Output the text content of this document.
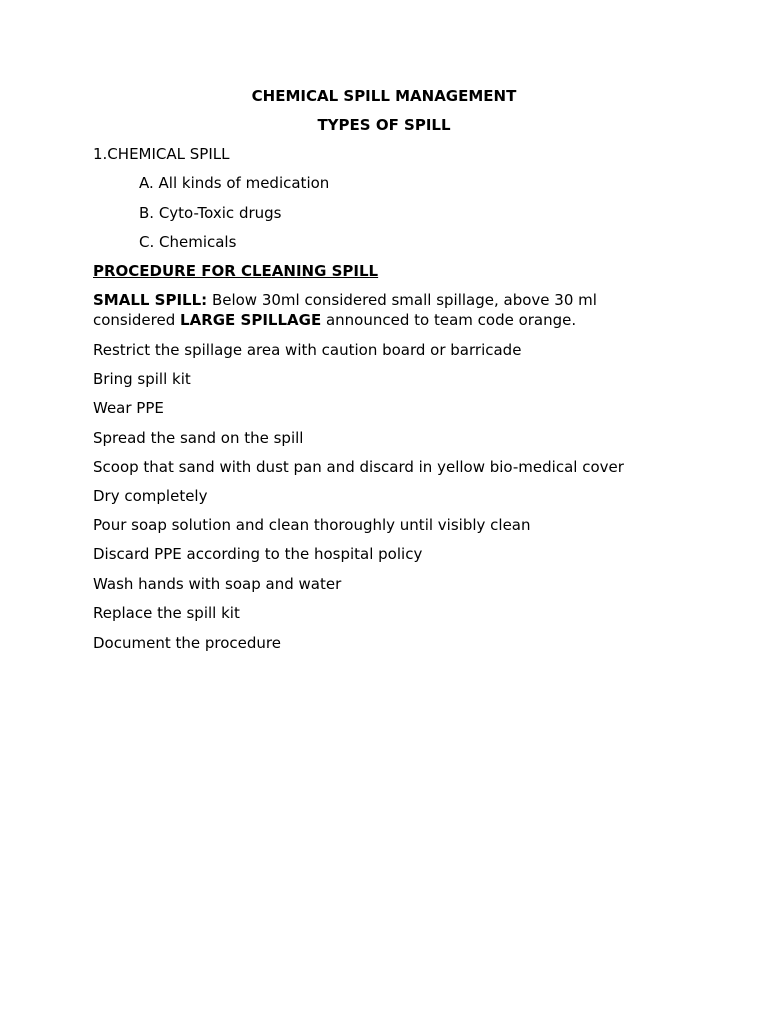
CHEMICAL SPILL MANAGEMENT
TYPES OF SPILL
1.CHEMICAL SPILL
A. All kinds of medication
B. Cyto-Toxic drugs
C. Chemicals
PROCEDURE FOR CLEANING SPILL
SMALL SPILL: Below 30ml considered small spillage, above 30 ml considered LARGE SPILLAGE announced to team code orange.
Restrict the spillage area with caution board or barricade
Bring spill kit
Wear PPE
Spread the sand on the spill
Scoop that sand with dust pan and discard in yellow bio-medical cover
Dry completely
Pour soap solution and clean thoroughly until visibly clean
Discard PPE according to the hospital policy
Wash hands with soap and water
Replace the spill kit
Document the procedure
